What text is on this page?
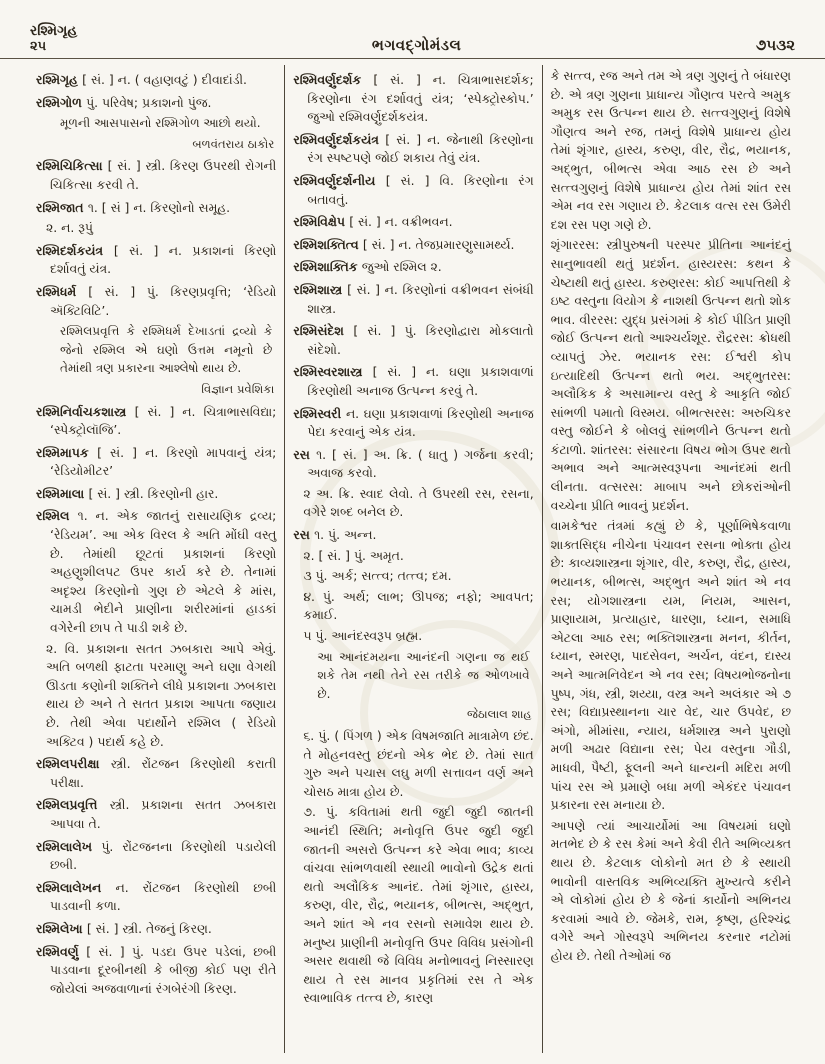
રશ્મિગૃહ
૨૫	ભગવદ્ગોમંડલ	૭૫૩૨
રશ્મિગૃહ [ સં. ] ન. ( વહાણવટું ) દીવાદાંડી.
રશ્મિગોળ પું. પરિવેષ; પ્રકાશનો પુંજ.
મૂળની આસપાસનો રશ્મિગોળ આછો થયો.
બળવંતરાય ઠાકોર
રશ્મિચિકિત્સા [ સં. ] સ્ત્રી. કિરણ ઉપરથી રોગની ચિકિત્સા કરવી તે.
રશ્મિજાત ૧. [ સં ] ન. કિરણોનો સમૂહ.
૨. ન. રૂપું
રશ્મિદર્શકયંત્ર [ સં. ] ન. પ્રકાશનાં કિરણો દર્શાવતું યંત્ર.
રશ્મિધર્મ [ સં. ] પું. કિરણપ્રવૃત્તિ; ‘રેડિયો ઍક્ટિવિટિ’.
રશ્મિલપ્રવૃત્તિ કે રશ્મિધર્મ દેખાડતાં દ્રવ્યો કે જેનો રશ્મિલ એ ઘણો ઉત્તમ નમૂનો છે તેમાંથી ત્રણ પ્રકારના આશ્લેષો થાય છે.
વિજ્ઞાન પ્રવેશિકા
રશ્મિનિર્વાચકશાસ્ત્ર [ સં. ] ન. ચિત્રાભાસવિદ્યા; ‘સ્પેક્ટ્રોલૉજિ’.
રશ્મિમાપક [ સં. ] ન. કિરણો માપવાનું યંત્ર; ‘રેડિયોમીટર’
રશ્મિમાલા [ સં. ] સ્ત્રી. કિરણોની હાર.
રશ્મિલ ૧. ન. એક જાતનું રાસાયણિક દ્રવ્ય; ‘રેડિયમ’. આ એક વિરલ કે અતિ મોંઘી વસ્તુ છે. તેમાંથી છૂટતાં પ્રકાશનાં કિરણો અહણુશીલપટ ઉપર કાર્ય કરે છે. તેનામાં અદૃશ્ય કિરણોનો ગુણ છે એટલે કે માંસ, ચામડી ભેદીને પ્રાણીના શરીરમાંનાં હાડકાં વગેરેની છાપ તે પાડી શકે છે.
૨. વિ. પ્રકાશના સતત ઝબકારા આપે એવું. અતિ બળથી ફાટતા પરમાણુ અને ઘણા વેગથી ઊડતા કણોની શક્તિને લીધે પ્રકાશના ઝબકારા થાય છે અને તે સતત પ્રકાશ આપતા જણાય છે. તેથી એવા પદાર્થોને રશ્મિલ ( રેડિયો અક્ટિવ ) પદાર્થ કહે છે.
રશ્મિલપરીક્ષા સ્ત્રી. રોંટજન કિરણોથી કરાતી પરીક્ષા.
રશ્મિલપ્રવૃત્તિ સ્ત્રી. પ્રકાશના સતત ઝબકારા આપવા તે.
રશ્મિલાલેખ પું. રોંટજનના કિરણોથી પડાયેલી છબી.
રશ્મિલાલેખન ન. રોંટજન કિરણોથી છબી પાડવાની કળા.
રશ્મિલેખા [ સં. ] સ્ત્રી. તેજનું કિરણ.
રશ્મિવર્ણુ [ સં. ] પું. પડદા ઉપર પડેલાં, છબી પાડવાના દૂરબીનથી કે બીજી કોઈ પણ રીતે જોયેલાં અજવાળાનાં રંગબેરંગી કિરણ.
રશ્મિવર્ણુદર્શક [ સં. ] ન. ચિત્રાભાસદર્શક; કિરણોના રંગ દર્શાવતું યંત્ર; ‘સ્પેક્ટ્રોસ્કોપ.’ જુઓ રશ્મિવર્ણુદર્શકયંત્ર.
રશ્મિવર્ણુદર્શકયંત્ર [ સં. ] ન. જેનાથી કિરણોના રંગ સ્પષ્ટપણે જોઈ શકાય તેવું યંત્ર.
રશ્મિવર્ણુદર્શનીય [ સં. ] વિ. કિરણોના રંગ બતાવતું.
રશ્મિવિક્ષેપ [ સં. ] ન. વક્રીભવન.
રશ્મિશક્તિત્વ [ સં. ] ન. તેજપ્રમારણુસામર્થ્ય.
રશ્મિશાક્તિક જુઓ રશ્મિલ ૨.
રશ્મિશાસ્ત્ર [ સં. ] ન. કિરણોનાં વક્રીભવન સંબંધી શાસ્ત્ર.
રશ્મિસંદેશ [ સં. ] પું. કિરણોદ્વારા મોકલાતો સંદેશો.
રશ્મિસ્વરશાસ્ત્ર [ સં. ] ન. ઘણા પ્રકાશવાળાં કિરણોથી અનાજ ઉત્પન્ન કરવું તે.
રશ્મિસ્વરી ન. ઘણા પ્રકાશવાળાં કિરણોથી અનાજ પેદા કરવાનું એક યંત્ર.
રસ ૧. [ સં. ] અ. ક્રિ. ( ધાતુ ) ગર્જના કરવી; અવાજ કરવો.
૨ અ. ક્રિ. સ્વાદ લેવો. તે ઉપરથી રસ, રસના, વગેરે શબ્દ બનેલ છે.
રસ ૧. પું. અન્ન.
૨. [ સં. ] પું. અમૃત.
૩ પું. અર્ક; સત્ત્વ; તત્ત્વ; દમ.
૪. પું. અર્થ; લાભ; ઊપજ; નફો; આવપત; કમાઈ.
૫ પું. આનંદસ્વરૂપ બ્રહ્મ.
આ આનંદમયના આનંદની ગણના જ થઈ શકે તેમ નથી તેને રસ તરીકે જ ઓળખાવે છે.
જેઠાલાલ શાહ
૬. પું. ( પિંગળ ) એક વિષમજાતિ માત્રામેળ છંદ. તે મોહનવસ્તુ છંદનો એક ભેદ છે. તેમાં સાત ગુરુ અને પચાસ લઘુ મળી સત્તાવન વર્ણ અને ચોસઠ માત્રા હોય છે.
૭. પું. કવિતામાં થતી જુદી જુદી જાતની આનંદી સ્થિતિ; મનોવૃત્તિ ઉપર જુદી જુદી જાતની અસરો ઉત્પન્ન કરે એવા ભાવ; કાવ્ય વાંચવા સાંભળવાથી સ્થાયી ભાવોનો ઉદ્રેક થતાં થતો અલૌકિક આનંદ. તેમાં શૃંગાર, હાસ્ય, કરુણ, વીર, રૌદ્ર, ભયાનક, બીભત્સ, અદ્ભુત, અને શાંત એ નવ રસનો સમાવેશ થાય છે. મનુષ્ય પ્રાણીની મનોવૃત્તિ ઉપર વિવિધ પ્રસંગોની અસર થવાથી જે વિવિધ મનોભાવનું નિસ્સારણ થાય તે રસ માનવ પ્રકૃતિમાં રસ તે એક સ્વાભાવિક તત્ત્વ છે, કારણ
કે સત્ત્વ, રજ અને તમ એ ત્રણ ગુણનું તે બંધારણ છે. એ ત્રણ ગુણના પ્રાધાન્ય ગૌણત્વ પરત્વે અમુક અમુક રસ ઉત્પન્ન થાય છે. સત્ત્વગુણનું વિશેષે ગૌણત્વ અને રજ, તમનું વિશેષે પ્રાધાન્ય હોય તેમાં શૃંગાર, હાસ્ય, કરુણ, વીર, રૌદ્ર, ભયાનક, અદ્ભુત, બીભત્સ એવા આઠ રસ છે અને સત્ત્વગુણનું વિશેષે પ્રાધાન્ય હોય તેમાં શાંત રસ એમ નવ રસ ગણાય છે. કેટલાક વત્સ રસ ઉમેરી દશ રસ પણ ગણે છે.
શૃંગારરસ: સ્ત્રીપુરુષની પરસ્પર પ્રીતિના આનંદનું સાનુભાવથી થતું પ્રદર્શન. હાસ્યરસ: કથન કે ચેષ્ટાથી થતું હાસ્ય. કરુણરસ: કોઈ આપત્તિથી કે ઇષ્ટ વસ્તુના વિયોગ કે નાશથી ઉત્પન્ન થતો શોક ભાવ. વીરરસ: યુદ્ધ પ્રસંગમાં કે કોઈ પીડિત પ્રાણી જોઈ ઉત્પન્ન થતો આશ્ચર્યશૂર. રૌદ્રરસ: ક્રોધથી વ્યાપતું ઝેર. ભયાનક રસ: ઈશ્વરી કોપ ઇત્યાદિથી ઉત્પન્ન થતો ભય. અદ્ભુતરસ: અલૌકિક કે અસામાન્ય વસ્તુ કે આકૃતિ જોઈ સાંભળી પમાતો વિસ્મય. બીભત્સરસ: અરુચિકર વસ્તુ જોઈને કે બોલવું સાંભળીને ઉત્પન્ન થતો કંટાળો. શાંતરસ: સંસારના વિષય ભોગ ઉપર થતો અભાવ અને આત્મસ્વરૂપના આનંદમાં થતી લીનતા. વત્સરસ: માબાપ અને છોકરાંઓની વચ્ચેના પ્રીતિ ભાવનું પ્રદર્શન.
વામકેશ્વર તંત્રમાં કહ્યું છે કે, પૂર્ણાભિષેકવાળા શાક્તસિદ્ધ નીચેના પંચાવન રસના ભોક્તા હોય છે: કાવ્યશાસ્ત્રના શૃંગાર, વીર, કરુણ, રૌદ્ર, હાસ્ય, ભયાનક, બીભત્સ, અદ્ભુત અને શાંત એ નવ રસ; યોગશાસ્ત્રના યમ, નિયમ, આસન, પ્રાણાયામ, પ્રત્યાહાર, ધારણા, ધ્યાન, સમાધિ એટલા આઠ રસ; ભક્તિશાસ્ત્રના મનન, કીર્તન, ધ્યાન, સ્મરણ, પાદસેવન, અર્ચન, વંદન, દાસ્ય અને આત્મનિવેદન એ નવ રસ; વિષયભોજનોના પુષ્પ, ગંધ, સ્ત્રી, શય્યા, વસ્ત્ર અને અલંકાર એ ૭ રસ; વિદ્યાપ્રસ્થાનના ચાર વેદ, ચાર ઉપવેદ, છ અંગો, મીમાંસા, ન્યાય, ધર્મશાસ્ત્ર અને પુરાણો મળી અઢાર વિદ્યાના રસ; પેય વસ્તુના ગૌડી, માધવી, પૈષ્ટી, ફૂલની અને ધાન્યની મદિરા મળી પાંચ રસ એ પ્રમાણે બધા મળી એકંદર પંચાવન પ્રકારના રસ મનાયા છે.
આપણે ત્યાં આચાર્યોમાં આ વિષયમાં ઘણો મતભેદ છે કે રસ કેમાં અને કેવી રીતે અભિવ્યક્ત થાય છે. કેટલાક લોકોનો મત છે કે સ્થાયી ભાવોની વાસ્તવિક અભિવ્યક્તિ મુખ્યત્વે કરીને એ લોકોમાં હોય છે કે જેનાં કાર્યોનો અભિનય કરવામાં આવે છે. જેમકે, રામ, કૃષ્ણ, હરિશ્ચંદ્ર વગેરે અને ગોસ્વરૂપે અભિનય કરનાર નટોમાં હોય છે. તેથી તેઓમાં જ
